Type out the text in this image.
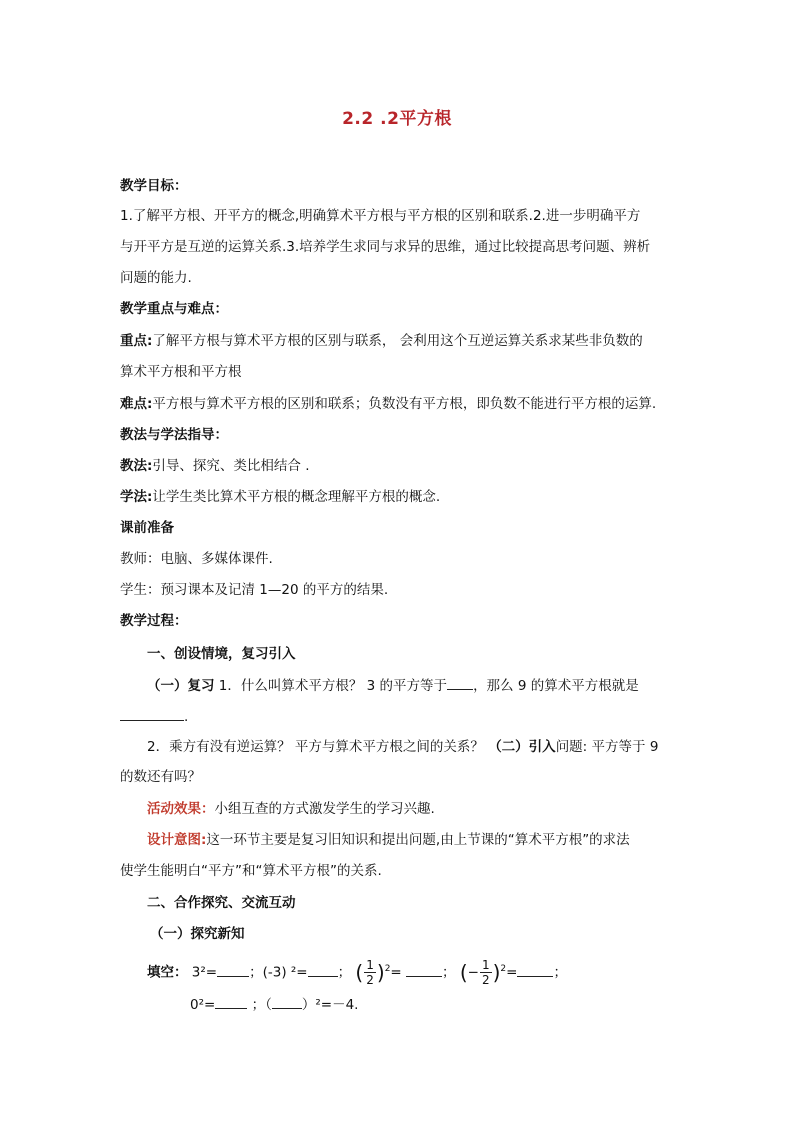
2.2 .2平方根
教学目标：
1.了解平方根、开平方的概念,明确算术平方根与平方根的区别和联系.2.进一步明确平方
与开平方是互逆的运算关系.3.培养学生求同与求异的思维，通过比较提高思考问题、辨析
问题的能力.
教学重点与难点：
重点:了解平方根与算术平方根的区别与联系， 会利用这个互逆运算关系求某些非负数的
算术平方根和平方根
难点:平方根与算术平方根的区别和联系；负数没有平方根，即负数不能进行平方根的运算.
教法与学法指导：
教法:引导、探究、类比相结合 .
学法:让学生类比算术平方根的概念理解平方根的概念.
课前准备
教师：电脑、多媒体课件.
学生：预习课本及记清 1—20 的平方的结果.
教学过程：
一、创设情境，复习引入
（一）复习 1．什么叫算术平方根？ 3 的平方等于 ，那么 9 的算术平方根就是
.
2．乘方有没有逆运算？ 平方与算术平方根之间的关系？ （二）引入问题: 平方等于 9
的数还有吗？
活动效果：小组互查的方式激发学生的学习兴趣.
设计意图:这一环节主要是复习旧知识和提出问题,由上节课的“算术平方根”的求法
使学生能明白“平方”和“算术平方根”的关系.
二、合作探究、交流互动
（一）探究新知
填空： 3²= ；(-3) ²= ； ( $\frac{1}{2} )^2=$	； (− $\frac{1}{2} )^2=$	；
0²=	；（ ）²=－4.
